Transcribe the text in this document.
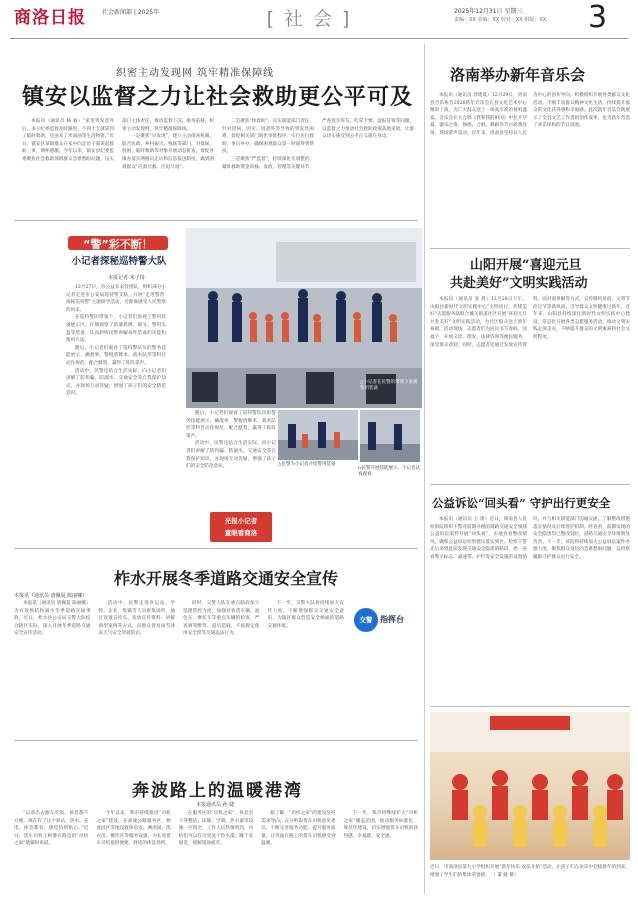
商洛日报	社会新闻部 | 2025年	[社会]	2025年12月31日 星期三
责编：XX 美编：XX 校对：XX 组版：XX 3
织密主动发现网 筑牢精准保障线
镇安以监督之力让社会救助更公平可及

本报讯（通讯员 杨 毅）“家里突发意外后，多亏纪委监督及时跟进，不到十天就拿到了临时救助，还送来了米面油等生活物资。”近日，镇安县某镇群众在家中向走访干部说起救助一事，满怀感激。今年以来，镇安县纪委监委聚焦社会救助领域群众急难愁盼问题，压实部门主体责任，推动监督下沉、服务前移，织密主动发现网，筑牢精准保障线。

一是聚焦“早发现”，建立主动排查机制。联合民政、乡村振兴、残联等部门，对低保、特困、临时救助等对象开展动态排查，督促各镇办落实网格员走访和信息报送制度，做到困难群众“应救尽救、应退尽退”。

二是聚焦“快救助”，压实职能部门责任。针对因病、因灾、因意外等导致的突发性困难，督促相关部门简化审批程序，实行先行救助、事后补办，确保困难群众第一时间得到帮扶。

三是聚焦“严监督”，持续深化专项整治。紧盯救助资金审核、发放、管理等关键环节，严查优亲厚友、吃拿卡要、虚报冒领等问题，以监督之力推动社会救助政策落地见效，让群众切实感受到公平正义就在身边。

“警”彩不断！
小记者探秘巡特警大队
本报记者 米子扬

12月27日，市公益未来营团队，组织部分小记者走进市公安局巡特警支队，开展“走进警营·探秘巡特警”主题研学活动，近距离感受人民警察的风采。

在巡特警的带领下，小记者们参观了警用装备展示区，仔细观察了防暴盾牌、钢叉、警用头盔等装备，认真聆听民警讲解每件装备的功能和使用方法。

随后，小记者们观看了巡特警队员的警务技能展示，擒敌拳、警棍盾牌术、战术队形等科目动作规范、配合默契，赢得了阵阵掌声。

活动中，民警还结合生活实际，向小记者们讲解了防拐骗、防溺水、交通安全等自我保护知识，并现场互动答疑，增强了孩子们的安全防范意识。

随后，小记者们观看了巡特警队员的警务技能展示，擒敌拳、警棍盾牌术、战术队形等科目动作规范、配合默契，赢得了阵阵掌声。

活动中，民警还结合生活实际，向小记者们讲解了防拐骗、防溺水、交通安全等自我保护知识，并现场互动答疑，增强了孩子们的安全防范意识。	△民警为小记者介绍警用装备
▷民警开展技能展示，小记者认真观看
△小记者在民警的带领下参观警用装备
光报小记者
童眼看商洛
柞水开展冬季道路交通安全宣传
本报讯（通讯员 唐佩夏 陈丽娜）

本报讯（通讯员 唐佩夏 陈丽娜）为有效预防和减少冬季道路交通事故，近日，柞水县公安局交警大队结合辖区实际，深入开展冬季道路交通安全宣传活动。

活动中，民警走进客运站、学校、企业、集镇等人员密集场所，通过设置宣传点、发放宣传资料、讲解典型案例等方式，向群众普及雨雪冰冻天气安全驾驶常识。

同时，交警大队在重点路段加大巡逻管控力度，加强对客货车辆、面包车、摩托车等重点车辆的检查，严查酒驾醉驾、超员超载、不按规定使用安全带等交通违法行为。

下一步，交警大队将持续加大宣传力度，不断增强群众交通安全意识，为辖区群众营造安全畅通的道路交通环境。

交警 指挥台
奔波路上的温暖港湾
本报通讯员 孙 婕

“以前出去跑车吃饭、休息都不方便，现在有了这个驿站，热水、充电、休息都有，感觉特别贴心。”近日，货车司机王师傅在路边的“司机之家”歇脚时说道。

今年以来，我市持续推进“司机之家”建设，在高速公路服务区、物流园区等地设置休息室、淋浴间、洗衣房、餐饮区等服务设施，为长途货车司机提供便捷、舒适的休息场所。

在服务区的“司机之家”，休息室干净整洁，床铺、空调、热水器等设施一应俱全，工作人员热情周到，司机们可以在这里洗个热水澡、睡个安稳觉，缓解旅途疲劳。

据了解，“司机之家”的建设坚持需求导向，充分听取货车司机意见建议，不断完善服务功能、提升服务质量，让奔波在路上的货车司机感受到温暖。

下一步，我市将继续扩大“司机之家”覆盖范围，推动服务标准化、规范化建设，切实增强货车司机的获得感、幸福感、安全感。

洛南举办新年音乐会

本报讯（通讯员 郭建夏）12月29日，洛南县音乐协会2026新年音乐会在县文化艺术中心精彩上演，为广大群众送上一场高水准的视听盛宴。音乐会在大合唱《我和我的祖国》中拉开序幕，器乐合奏、独唱、合唱、舞蹈等节目轮番登场，现场掌声雷动。近年来，洛南县坚持以人民为中心的创作导向，积极组织开展各类群众文化活动，不断丰富群众精神文化生活，持续提升群众的文化获得感和幸福感。此次新年音乐会既展示了全县文艺工作者的创作成果，也为新年营造了欢乐祥和的节日氛围。

山阳开展“喜迎元旦
共赴美好”文明实践活动

本报讯（通讯员 张 晨）12月28日下午，山阳县新时代文明实践中心“文明同行，共建美好”志愿服务队联合城关街道社区开展“喜迎元旦 共赴美好”文明实践活动，为社区群众送上新年祝福。活动现场，志愿者们为居民书写春联、送福字，开展义诊、理发、法律咨询等便民服务，深受群众欢迎。同时，志愿者还通过发放宣传资料、面对面讲解等方式，宣传移风易俗、文明节俭过节等新风尚，引导群众文明健康过新年。近年来，山阳县持续深化新时代文明实践中心建设，常态化开展各类志愿服务活动，推动文明实践走深走实，不断提升群众的文明素养和社会文明程度。

公益诉讼“回头看” 守护出行更安全

本报讯（通讯员 王 蕾）近日，商南县人民检察院组织干警对前期办理的道路交通安全领域公益诉讼案件开展“回头看”，实地查看整改情况，确保公益诉讼检察建议落实到位。检察干警先后来到此前发现交通安全隐患的路段，逐一查看警示标志、减速带、护栏等安全设施的设置情况，并与相关职能部门沟通交流，了解整改措施落实情况及后续管护机制。经查看，前期发现的安全隐患均已整改到位，道路交通安全环境明显改善。下一步，该院将持续加大公益诉讼案件办理力度，聚焦群众身边的急难愁盼问题，以检察履职守护群众出行安全。

近日，市商洛县第九小学组织开展“新年快乐·欢乐开始”活动，让孩子们在欢乐中迎接新年的到来，增强了学生们的集体荣誉感。 （ 董 婕 摄）
